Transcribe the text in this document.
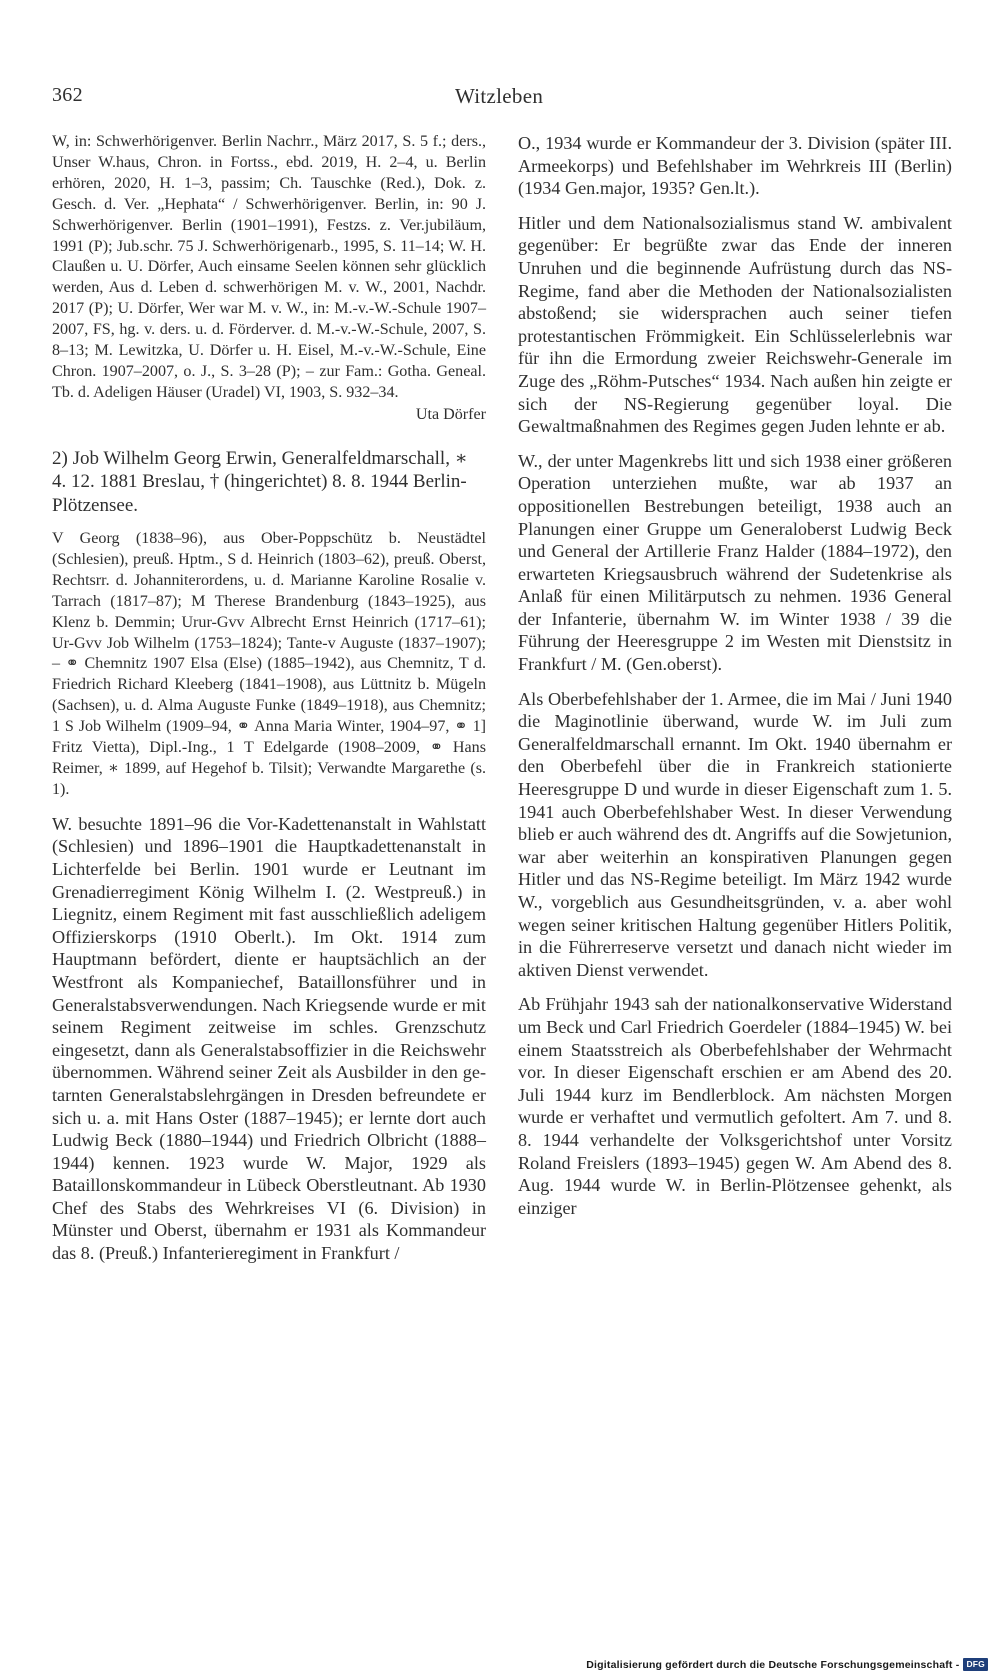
362	Witzleben

W, in: Schwerhörigenver. Berlin Nachrr., März 2017, S. 5 f.; ders., Unser W.haus, Chron. in Fortss., ebd. 2019, H. 2–4, u. Berlin erhören, 2020, H. 1–3, passim; Ch. Tauschke (Red.), Dok. z. Gesch. d. Ver. „Hephata“ / Schwerhörigenver. Berlin, in: 90 J. Schwerhörigenver. Berlin (1901–1991), Festzs. z. Ver.jubiläum, 1991 (P); Jub.schr. 75 J. Schwerhörigenarb., 1995, S. 11–14; W. H. Claußen u. U. Dörfer, Auch einsame Seelen können sehr glücklich werden, Aus d. Leben d. schwerhörigen M. v. W., 2001, Nachdr. 2017 (P); U. Dörfer, Wer war M. v. W., in: M.-v.-W.-Schule 1907–2007, FS, hg. v. ders. u. d. Förderver. d. M.-v.-W.-Schule, 2007, S. 8–13; M. Lewitzka, U. Dörfer u. H. Eisel, M.-v.-W.-Schule, Eine Chron. 1907–2007, o. J., S. 3–28 (P); – zur Fam.: Gotha. Geneal. Tb. d. Adeligen Häuser (Uradel) VI, 1903, S. 932–34.

Uta Dörfer

2) Job Wilhelm Georg Erwin, Generalfeldmarschall, ∗ 4. 12. 1881 Breslau, † (hingerichtet) 8. 8. 1944 Berlin-Plötzensee.

V Georg (1838–96), aus Ober-Poppschütz b. Neustädtel (Schlesien), preuß. Hptm., S d. Heinrich (1803–62), preuß. Oberst, Rechtsrr. d. Johanniterordens, u. d. Marianne Karoline Rosalie v. Tarrach (1817–87); M Therese Brandenburg (1843–1925), aus Klenz b. Demmin; Urur-Gvv Albrecht Ernst Heinrich (1717–61); Ur-Gvv Job Wilhelm (1753–1824); Tante-v Auguste (1837–1907); – ⚭ Chemnitz 1907 Elsa (Else) (1885–1942), aus Chemnitz, T d. Friedrich Richard Kleeberg (1841–1908), aus Lüttnitz b. Mügeln (Sachsen), u. d. Alma Auguste Funke (1849–1918), aus Chemnitz; 1 S Job Wilhelm (1909–94, ⚭ Anna Maria Winter, 1904–97, ⚭ 1] Fritz Vietta), Dipl.-Ing., 1 T Edelgarde (1908–2009, ⚭ Hans Reimer, ∗ 1899, auf Hegehof b. Tilsit); Verwandte Margarethe (s. 1).

W. besuchte 1891–96 die Vor-Kadettenanstalt in Wahlstatt (Schlesien) und 1896–1901 die Hauptkadettenanstalt in Lichterfelde bei Berlin. 1901 wurde er Leutnant im Grenadierregiment König Wilhelm I. (2. Westpreuß.) in Liegnitz, einem Regiment mit fast ausschließlich adeligem Offizierskorps (1910 Oberlt.). Im Okt. 1914 zum Hauptmann befördert, diente er hauptsächlich an der Westfront als Kompaniechef, Bataillonsführer und in Generalstabsverwendungen. Nach Kriegsende wurde er mit seinem Regiment zeitweise im schles. Grenzschutz eingesetzt, dann als Generalstabsoffizier in die Reichswehr übernommen. Während seiner Zeit als Ausbilder in den getarnten Generalstabslehrgängen in Dresden befreundete er sich u. a. mit Hans Oster (1887–1945); er lernte dort auch Ludwig Beck (1880–1944) und Friedrich Olbricht (1888–1944) kennen. 1923 wurde W. Major, 1929 als Bataillonskommandeur in Lübeck Oberstleutnant. Ab 1930 Chef des Stabs des Wehrkreises VI (6. Division) in Münster und Oberst, übernahm er 1931 als Kommandeur das 8. (Preuß.) Infanterieregiment in Frankfurt /

O., 1934 wurde er Kommandeur der 3. Division (später III. Armeekorps) und Befehlshaber im Wehrkreis III (Berlin) (1934 Gen.major, 1935? Gen.lt.).

Hitler und dem Nationalsozialismus stand W. ambivalent gegenüber: Er begrüßte zwar das Ende der inneren Unruhen und die beginnende Aufrüstung durch das NS-Regime, fand aber die Methoden der Nationalsozialisten abstoßend; sie widersprachen auch seiner tiefen protestantischen Frömmigkeit. Ein Schlüsselerlebnis war für ihn die Ermordung zweier Reichswehr-Generale im Zuge des „Röhm-Putsches“ 1934. Nach außen hin zeigte er sich der NS-Regierung gegenüber loyal. Die Gewaltmaßnahmen des Regimes gegen Juden lehnte er ab.

W., der unter Magenkrebs litt und sich 1938 einer größeren Operation unterziehen mußte, war ab 1937 an oppositionellen Bestrebungen beteiligt, 1938 auch an Planungen einer Gruppe um Generaloberst Ludwig Beck und General der Artillerie Franz Halder (1884–1972), den erwarteten Kriegsausbruch während der Sudetenkrise als Anlaß für einen Militärputsch zu nehmen. 1936 General der Infanterie, übernahm W. im Winter 1938 / 39 die Führung der Heeresgruppe 2 im Westen mit Dienstsitz in Frankfurt / M. (Gen.oberst).

Als Oberbefehlshaber der 1. Armee, die im Mai / Juni 1940 die Maginotlinie überwand, wurde W. im Juli zum Generalfeldmarschall ernannt. Im Okt. 1940 übernahm er den Oberbefehl über die in Frankreich stationierte Heeresgruppe D und wurde in dieser Eigenschaft zum 1. 5. 1941 auch Oberbefehlshaber West. In dieser Verwendung blieb er auch während des dt. Angriffs auf die Sowjetunion, war aber weiterhin an konspirativen Planungen gegen Hitler und das NS-Regime beteiligt. Im März 1942 wurde W., vorgeblich aus Gesundheitsgründen, v. a. aber wohl wegen seiner kritischen Haltung gegenüber Hitlers Politik, in die Führerreserve versetzt und danach nicht wieder im aktiven Dienst verwendet.

Ab Frühjahr 1943 sah der nationalkonservative Widerstand um Beck und Carl Friedrich Goerdeler (1884–1945) W. bei einem Staatsstreich als Oberbefehlshaber der Wehrmacht vor. In dieser Eigenschaft erschien er am Abend des 20. Juli 1944 kurz im Bendlerblock. Am nächsten Morgen wurde er verhaftet und vermutlich gefoltert. Am 7. und 8. 8. 1944 verhandelte der Volksgerichtshof unter Vorsitz Roland Freislers (1893–1945) gegen W. Am Abend des 8. Aug. 1944 wurde W. in Berlin-Plötzensee gehenkt, als einziger

Digitalisierung gefördert durch die Deutsche Forschungsgemeinschaft - DFG
